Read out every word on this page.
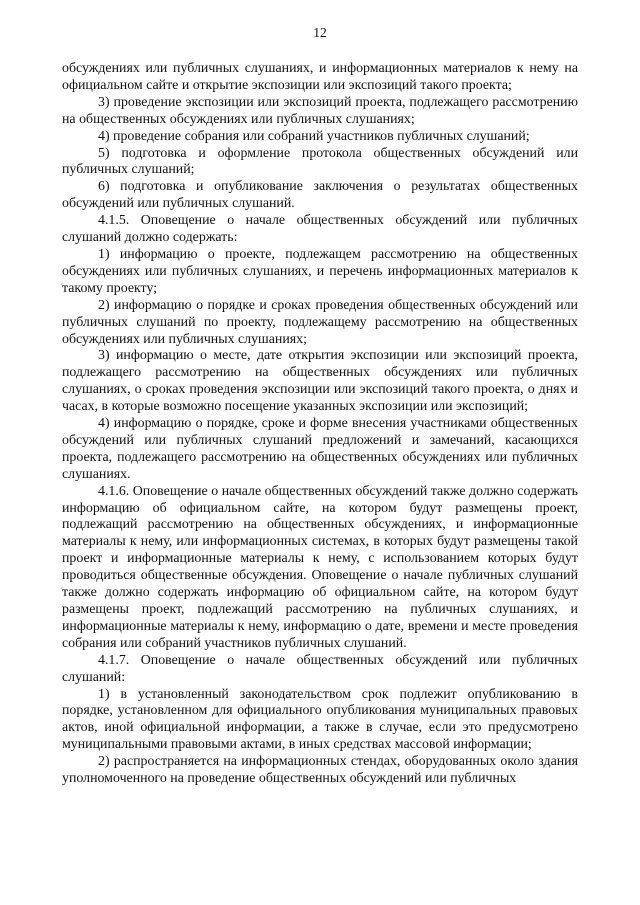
12

обсуждениях или публичных слушаниях, и информационных материалов к нему на официальном сайте и открытие экспозиции или экспозиций такого проекта;

3) проведение экспозиции или экспозиций проекта, подлежащего рассмотрению на общественных обсуждениях или публичных слушаниях;

4) проведение собрания или собраний участников публичных слушаний;

5) подготовка и оформление протокола общественных обсуждений или публичных слушаний;

6) подготовка и опубликование заключения о результатах общественных обсуждений или публичных слушаний.

4.1.5. Оповещение о начале общественных обсуждений или публичных слушаний должно содержать:

1) информацию о проекте, подлежащем рассмотрению на общественных обсуждениях или публичных слушаниях, и перечень информационных материалов к такому проекту;

2) информацию о порядке и сроках проведения общественных обсуждений или публичных слушаний по проекту, подлежащему рассмотрению на общественных обсуждениях или публичных слушаниях;

3) информацию о месте, дате открытия экспозиции или экспозиций проекта, подлежащего рассмотрению на общественных обсуждениях или публичных слушаниях, о сроках проведения экспозиции или экспозиций такого проекта, о днях и часах, в которые возможно посещение указанных экспозиции или экспозиций;

4) информацию о порядке, сроке и форме внесения участниками общественных обсуждений или публичных слушаний предложений и замечаний, касающихся проекта, подлежащего рассмотрению на общественных обсуждениях или публичных слушаниях.

4.1.6. Оповещение о начале общественных обсуждений также должно содержать информацию об официальном сайте, на котором будут размещены проект, подлежащий рассмотрению на общественных обсуждениях, и информационные материалы к нему, или информационных системах, в которых будут размещены такой проект и информационные материалы к нему, с использованием которых будут проводиться общественные обсуждения. Оповещение о начале публичных слушаний также должно содержать информацию об официальном сайте, на котором будут размещены проект, подлежащий рассмотрению на публичных слушаниях, и информационные материалы к нему, информацию о дате, времени и месте проведения собрания или собраний участников публичных слушаний.

4.1.7. Оповещение о начале общественных обсуждений или публичных слушаний:

1) в установленный законодательством срок подлежит опубликованию в порядке, установленном для официального опубликования муниципальных правовых актов, иной официальной информации, а также в случае, если это предусмотрено муниципальными правовыми актами, в иных средствах массовой информации;

2) распространяется на информационных стендах, оборудованных около здания уполномоченного на проведение общественных обсуждений или публичных
